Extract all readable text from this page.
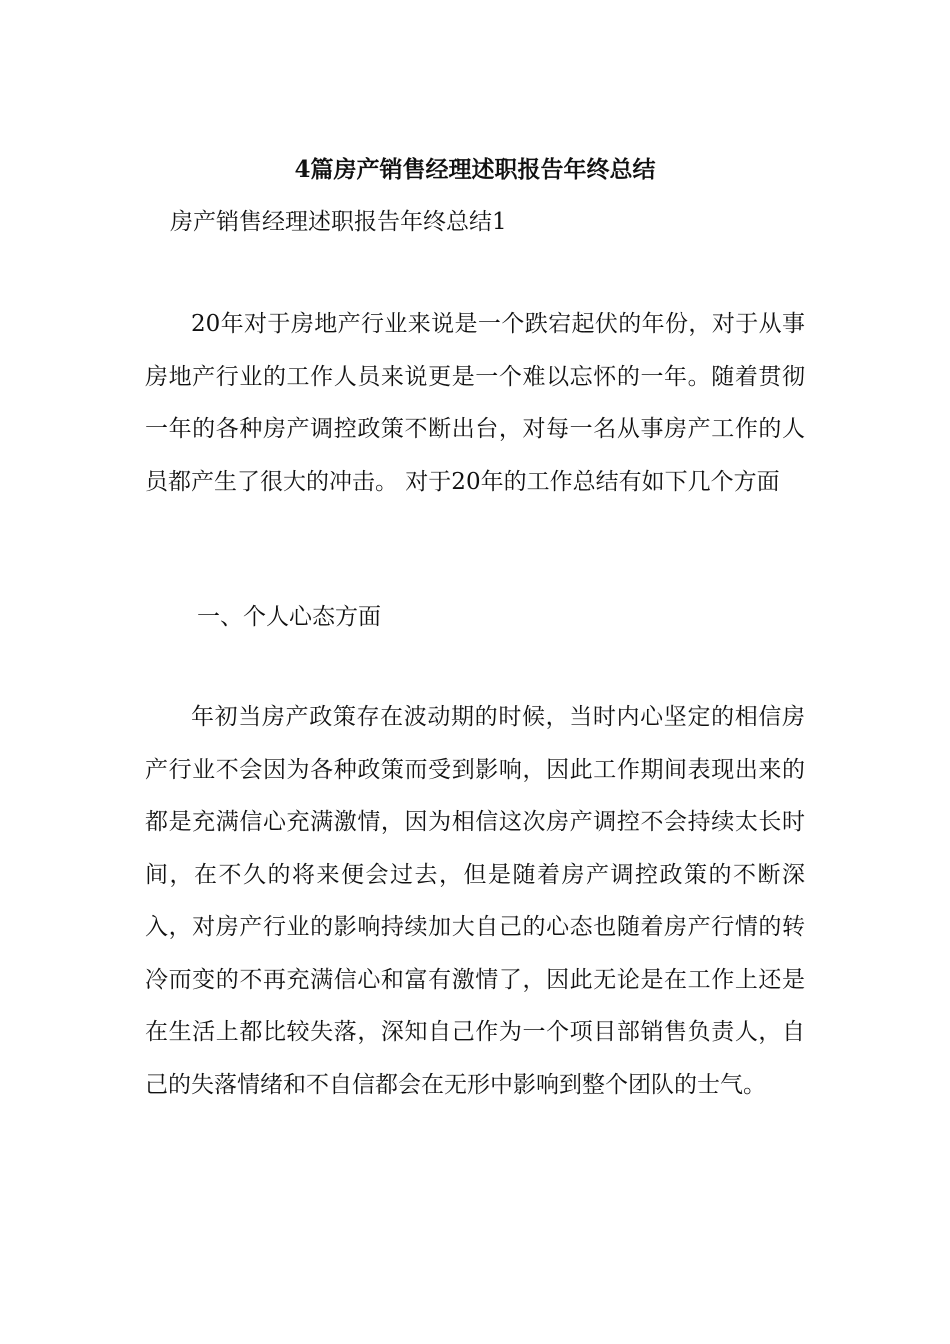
4篇房产销售经理述职报告年终总结
房产销售经理述职报告年终总结1
20年对于房地产行业来说是一个跌宕起伏的年份，对于从事房地产行业的工作人员来说更是一个难以忘怀的一年。随着贯彻一年的各种房产调控政策不断出台，对每一名从事房产工作的人员都产生了很大的冲击。 对于20年的工作总结有如下几个方面
一、个人心态方面
年初当房产政策存在波动期的时候，当时内心坚定的相信房产行业不会因为各种政策而受到影响，因此工作期间表现出来的都是充满信心充满激情，因为相信这次房产调控不会持续太长时间，在不久的将来便会过去，但是随着房产调控政策的不断深入，对房产行业的影响持续加大自己的心态也随着房产行情的转冷而变的不再充满信心和富有激情了，因此无论是在工作上还是在生活上都比较失落，深知自己作为一个项目部销售负责人，自己的失落情绪和不自信都会在无形中影响到整个团队的士气。
